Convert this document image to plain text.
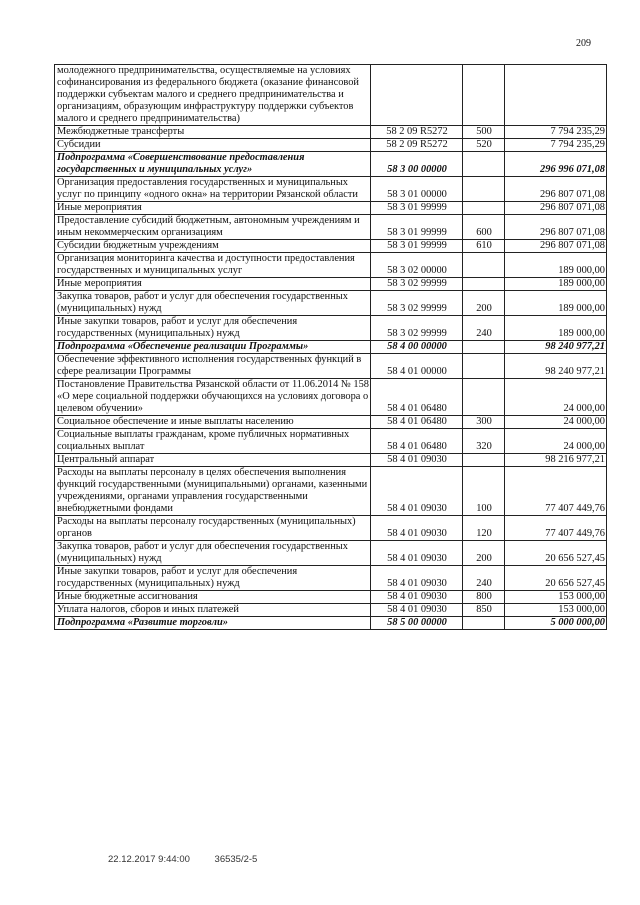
209
молодежного предпринимательства, осуществляемые на условиях софинансирования из федерального бюджета (оказание финансовой поддержки субъектам малого и среднего предпринимательства и организациям, образующим инфраструктуру поддержки субъектов малого и среднего предпринимательства)			
Межбюджетные трансферты	58 2 09 R5272	500	7 794 235,29
Субсидии	58 2 09 R5272	520	7 794 235,29
Подпрограмма «Совершенствование предоставления государственных и муниципальных услуг»	58 3 00 00000		296 996 071,08
Организация предоставления государственных и муниципальных услуг по принципу «одного окна» на территории Рязанской области	58 3 01 00000		296 807 071,08
Иные мероприятия	58 3 01 99999		296 807 071,08
Предоставление субсидий бюджетным, автономным учреждениям и иным некоммерческим организациям	58 3 01 99999	600	296 807 071,08
Субсидии бюджетным учреждениям	58 3 01 99999	610	296 807 071,08
Организация мониторинга качества и доступности предоставления государственных и муниципальных услуг	58 3 02 00000		189 000,00
Иные мероприятия	58 3 02 99999		189 000,00
Закупка товаров, работ и услуг для обеспечения государственных (муниципальных) нужд	58 3 02 99999	200	189 000,00
Иные закупки товаров, работ и услуг для обеспечения государственных (муниципальных) нужд	58 3 02 99999	240	189 000,00
Подпрограмма «Обеспечение реализации Программы»	58 4 00 00000		98 240 977,21
Обеспечение эффективного исполнения государственных функций в сфере реализации Программы	58 4 01 00000		98 240 977,21
Постановление Правительства Рязанской области от 11.06.2014 № 158 «О мере социальной поддержки обучающихся на условиях договора о целевом обучении»	58 4 01 06480		24 000,00
Социальное обеспечение и иные выплаты населению	58 4 01 06480	300	24 000,00
Социальные выплаты гражданам, кроме публичных нормативных социальных выплат	58 4 01 06480	320	24 000,00
Центральный аппарат	58 4 01 09030		98 216 977,21
Расходы на выплаты персоналу в целях обеспечения выполнения функций государственными (муниципальными) органами, казенными учреждениями, органами управления государственными внебюджетными фондами	58 4 01 09030	100	77 407 449,76
Расходы на выплаты персоналу государственных (муниципальных) органов	58 4 01 09030	120	77 407 449,76
Закупка товаров, работ и услуг для обеспечения государственных (муниципальных) нужд	58 4 01 09030	200	20 656 527,45
Иные закупки товаров, работ и услуг для обеспечения государственных (муниципальных) нужд	58 4 01 09030	240	20 656 527,45
Иные бюджетные ассигнования	58 4 01 09030	800	153 000,00
Уплата налогов, сборов и иных платежей	58 4 01 09030	850	153 000,00
Подпрограмма «Развитие торговли»	58 5 00 00000		5 000 000,00
22.12.2017 9:44:00	36535/2-5
